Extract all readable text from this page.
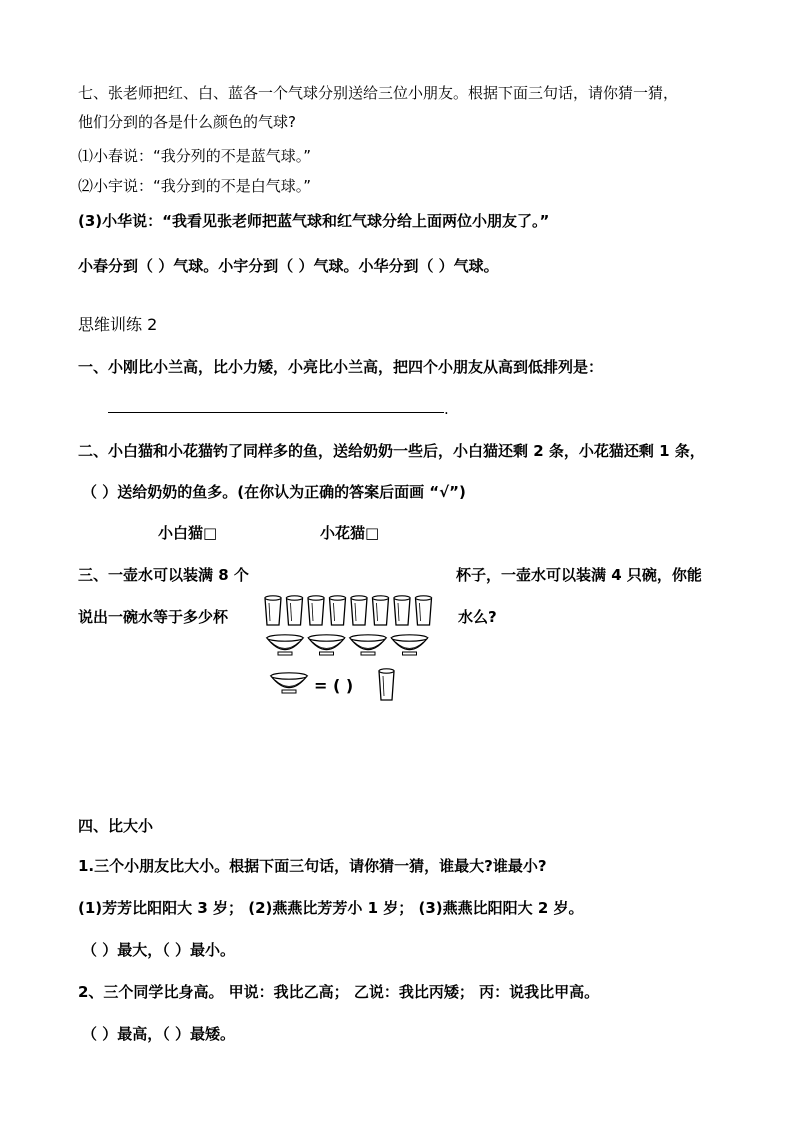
七、张老师把红、白、蓝各一个气球分别送给三位小朋友。根据下面三句话，请你猜一猜，
他们分到的各是什么颜色的气球?
⑴小春说：“我分列的不是蓝气球。”
⑵小宇说：“我分到的不是白气球。”
(3)小华说：“我看见张老师把蓝气球和红气球分给上面两位小朋友了。”
小春分到（ ）气球。小宇分到（ ）气球。小华分到（ ）气球。
思维训练 2
一、小刚比小兰高，比小力矮，小亮比小兰高，把四个小朋友从高到低排列是：
.
二、小白猫和小花猫钓了同样多的鱼，送给奶奶一些后，小白猫还剩 2 条，小花猫还剩 1 条，
（ ）送给奶奶的鱼多。(在你认为正确的答案后面画 “√”)
小白猫□	小花猫□
三、一壶水可以装满 8 个	杯子，一壶水可以装满 4 只碗，你能
说出一碗水等于多少杯	水么?
= ( )
四、比大小
1.三个小朋友比大小。根据下面三句话，请你猜一猜，谁最大?谁最小?
(1)芳芳比阳阳大 3 岁； (2)燕燕比芳芳小 1 岁； (3)燕燕比阳阳大 2 岁。
（ ）最大，（ ）最小。
2、三个同学比身高。 甲说：我比乙高； 乙说：我比丙矮； 丙：说我比甲高。
（ ）最高，（ ）最矮。
